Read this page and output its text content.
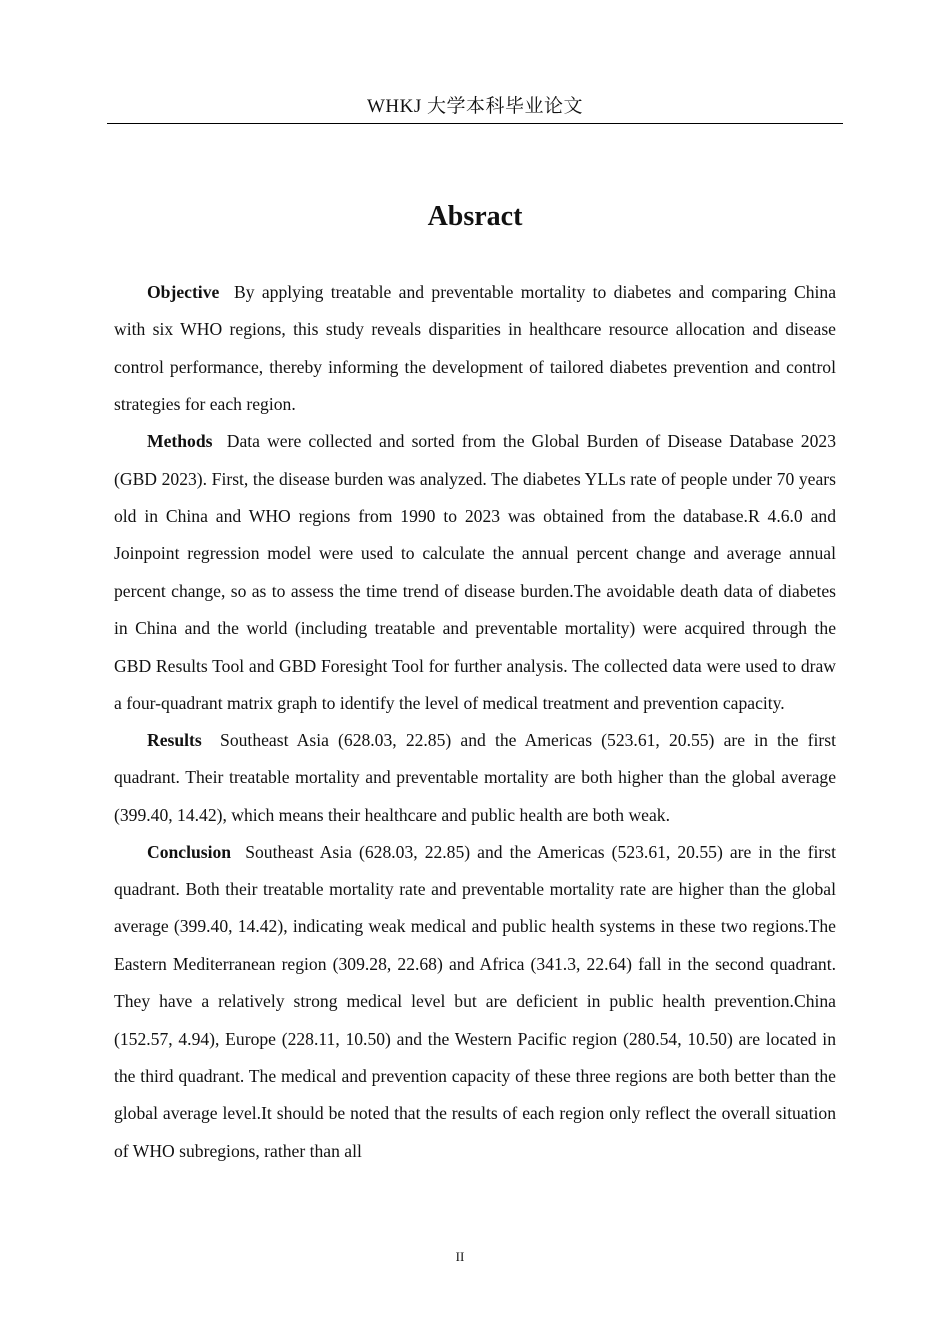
WHKJ 大学本科毕业论文
Absract

Objective By applying treatable and preventable mortality to diabetes and comparing China with six WHO regions, this study reveals disparities in healthcare resource allocation and disease control performance, thereby informing the development of tailored diabetes prevention and control strategies for each region.

Methods Data were collected and sorted from the Global Burden of Disease Database 2023 (GBD 2023). First, the disease burden was analyzed. The diabetes YLLs rate of people under 70 years old in China and WHO regions from 1990 to 2023 was obtained from the database.R 4.6.0 and Joinpoint regression model were used to calculate the annual percent change and average annual percent change, so as to assess the time trend of disease burden.The avoidable death data of diabetes in China and the world (including treatable and preventable mortality) were acquired through the GBD Results Tool and GBD Foresight Tool for further analysis. The collected data were used to draw a four-quadrant matrix graph to identify the level of medical treatment and prevention capacity.

Results Southeast Asia (628.03, 22.85) and the Americas (523.61, 20.55) are in the first quadrant. Their treatable mortality and preventable mortality are both higher than the global average (399.40, 14.42), which means their healthcare and public health are both weak.

Conclusion Southeast Asia (628.03, 22.85) and the Americas (523.61, 20.55) are in the first quadrant. Both their treatable mortality rate and preventable mortality rate are higher than the global average (399.40, 14.42), indicating weak medical and public health systems in these two regions.The Eastern Mediterranean region (309.28, 22.68) and Africa (341.3, 22.64) fall in the second quadrant. They have a relatively strong medical level but are deficient in public health prevention.China (152.57, 4.94), Europe (228.11, 10.50) and the Western Pacific region (280.54, 10.50) are located in the third quadrant. The medical and prevention capacity of these three regions are both better than the global average level.It should be noted that the results of each region only reflect the overall situation of WHO subregions, rather than all

II
